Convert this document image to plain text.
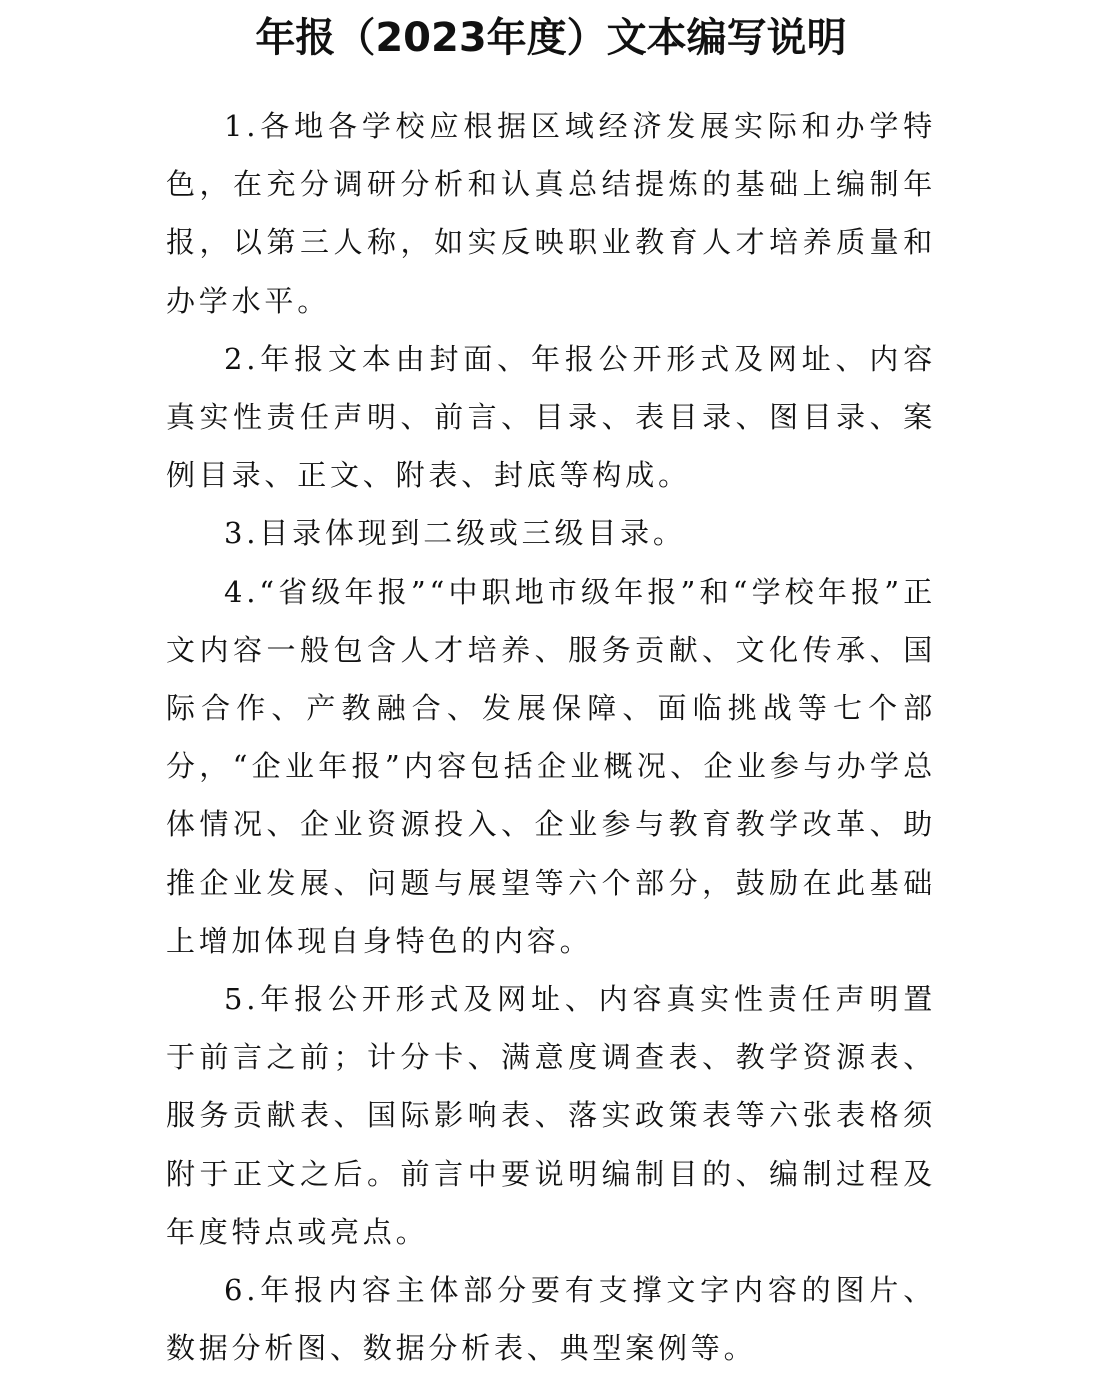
年报（2023年度）文本编写说明

1.各地各学校应根据区域经济发展实际和办学特色，在充分调研分析和认真总结提炼的基础上编制年报，以第三人称，如实反映职业教育人才培养质量和办学水平。

2.年报文本由封面、年报公开形式及网址、内容真实性责任声明、前言、目录、表目录、图目录、案例目录、正文、附表、封底等构成。

3.目录体现到二级或三级目录。

4.“省级年报”“中职地市级年报”和“学校年报”正文内容一般包含人才培养、服务贡献、文化传承、国际合作、产教融合、发展保障、面临挑战等七个部分，“企业年报”内容包括企业概况、企业参与办学总体情况、企业资源投入、企业参与教育教学改革、助推企业发展、问题与展望等六个部分，鼓励在此基础上增加体现自身特色的内容。

5.年报公开形式及网址、内容真实性责任声明置于前言之前；计分卡、满意度调查表、教学资源表、服务贡献表、国际影响表、落实政策表等六张表格须附于正文之后。前言中要说明编制目的、编制过程及年度特点或亮点。

6.年报内容主体部分要有支撑文字内容的图片、数据分析图、数据分析表、典型案例等。
